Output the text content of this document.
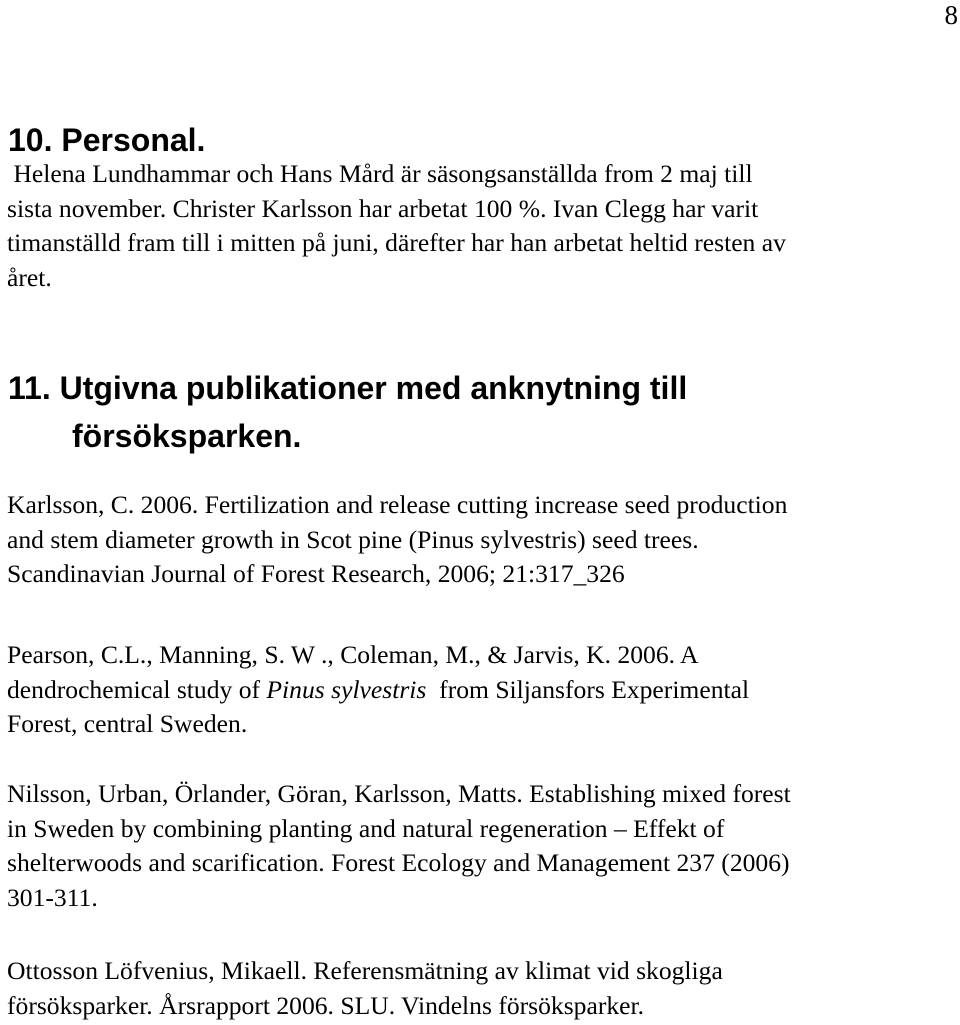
8
10. Personal.

Helena Lundhammar och Hans Mård är säsongsanställda from 2 maj till
sista november. Christer Karlsson har arbetat 100 %. Ivan Clegg har varit
timanställd fram till i mitten på juni, därefter har han arbetat heltid resten av
året.

11. Utgivna publikationer med anknytning till
försöksparken.

Karlsson, C. 2006. Fertilization and release cutting increase seed production
and stem diameter growth in Scot pine (Pinus sylvestris) seed trees.
Scandinavian Journal of Forest Research, 2006; 21:317_326

Pearson, C.L., Manning, S. W ., Coleman, M., & Jarvis, K. 2006. A
dendrochemical study of Pinus sylvestris  from Siljansfors Experimental
Forest, central Sweden.

Nilsson, Urban, Örlander, Göran, Karlsson, Matts. Establishing mixed forest
in Sweden by combining planting and natural regeneration – Effekt of
shelterwoods and scarification. Forest Ecology and Management 237 (2006)
301-311.

Ottosson Löfvenius, Mikaell. Referensmätning av klimat vid skogliga
försöksparker. Årsrapport 2006. SLU. Vindelns försöksparker.
